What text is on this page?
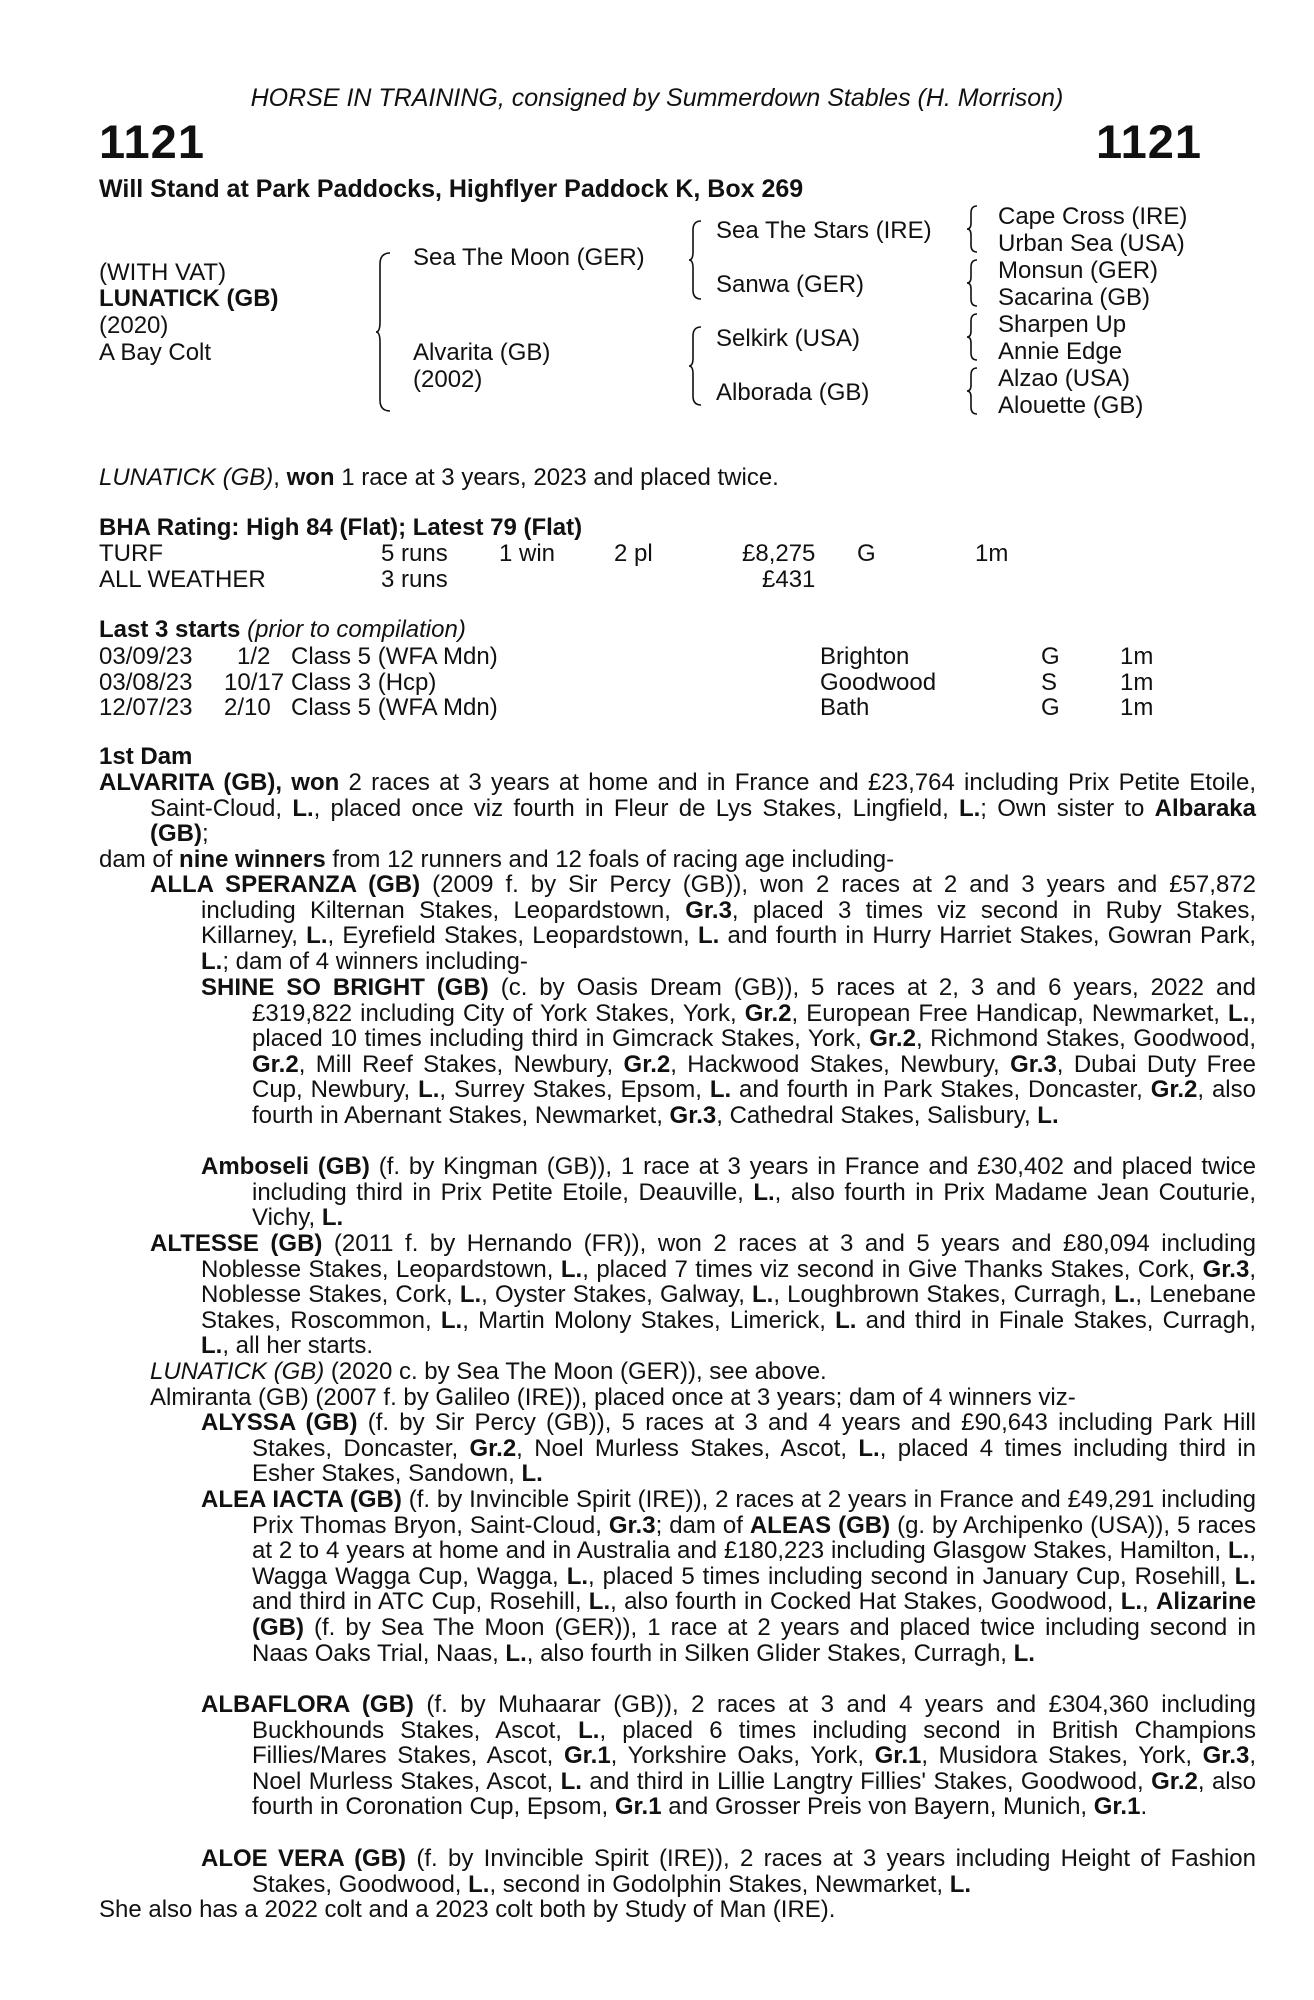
HORSE IN TRAINING, consigned by Summerdown Stables (H. Morrison)
1121	1121
Will Stand at Park Paddocks, Highflyer Paddock K, Box 269
(WITH VAT)
LUNATICK (GB)
(2020)
A Bay Colt
Sea The Moon (GER)
Alvarita (GB)
(2002)
Sea The Stars (IRE)
Sanwa (GER)
Selkirk (USA)
Alborada (GB)
Cape Cross (IRE)
Urban Sea (USA)
Monsun (GER)
Sacarina (GB)
Sharpen Up
Annie Edge
Alzao (USA)
Alouette (GB)
LUNATICK (GB), won 1 race at 3 years, 2023 and placed twice.
BHA Rating: High 84 (Flat); Latest 79 (Flat)
TURF	5 runs 1 win 2 pl	£8,275 G	1m
ALL WEATHER	3 runs	£431
Last 3 starts (prior to compilation)
03/09/23 1/2 Class 5 (WFA Mdn)	Brighton	G	1m
03/08/23 10/17 Class 3 (Hcp)	Goodwood	S	1m
12/07/23 2/10 Class 5 (WFA Mdn)	Bath	G	1m
1st Dam
ALVARITA (GB), won 2 races at 3 years at home and in France and £23,764 including Prix Petite Etoile, Saint-Cloud, L., placed once viz fourth in Fleur de Lys Stakes, Lingfield, L.; Own sister to Albaraka (GB);
dam of nine winners from 12 runners and 12 foals of racing age including-
ALLA SPERANZA (GB) (2009 f. by Sir Percy (GB)), won 2 races at 2 and 3 years and £57,872 including Kilternan Stakes, Leopardstown, Gr.3, placed 3 times viz second in Ruby Stakes, Killarney, L., Eyrefield Stakes, Leopardstown, L. and fourth in Hurry Harriet Stakes, Gowran Park, L.; dam of 4 winners including-
SHINE SO BRIGHT (GB) (c. by Oasis Dream (GB)), 5 races at 2, 3 and 6 years, 2022 and £319,822 including City of York Stakes, York, Gr.2, European Free Handicap, Newmarket, L., placed 10 times including third in Gimcrack Stakes, York, Gr.2, Richmond Stakes, Goodwood, Gr.2, Mill Reef Stakes, Newbury, Gr.2, Hackwood Stakes, Newbury, Gr.3, Dubai Duty Free Cup, Newbury, L., Surrey Stakes, Epsom, L. and fourth in Park Stakes, Doncaster, Gr.2, also fourth in Abernant Stakes, Newmarket, Gr.3, Cathedral Stakes, Salisbury, L.
Amboseli (GB) (f. by Kingman (GB)), 1 race at 3 years in France and £30,402 and placed twice including third in Prix Petite Etoile, Deauville, L., also fourth in Prix Madame Jean Couturie, Vichy, L.
ALTESSE (GB) (2011 f. by Hernando (FR)), won 2 races at 3 and 5 years and £80,094 including Noblesse Stakes, Leopardstown, L., placed 7 times viz second in Give Thanks Stakes, Cork, Gr.3, Noblesse Stakes, Cork, L., Oyster Stakes, Galway, L., Loughbrown Stakes, Curragh, L., Lenebane Stakes, Roscommon, L., Martin Molony Stakes, Limerick, L. and third in Finale Stakes, Curragh, L., all her starts.
LUNATICK (GB) (2020 c. by Sea The Moon (GER)), see above.
Almiranta (GB) (2007 f. by Galileo (IRE)), placed once at 3 years; dam of 4 winners viz-
ALYSSA (GB) (f. by Sir Percy (GB)), 5 races at 3 and 4 years and £90,643 including Park Hill Stakes, Doncaster, Gr.2, Noel Murless Stakes, Ascot, L., placed 4 times including third in Esher Stakes, Sandown, L.
ALEA IACTA (GB) (f. by Invincible Spirit (IRE)), 2 races at 2 years in France and £49,291 including Prix Thomas Bryon, Saint-Cloud, Gr.3; dam of ALEAS (GB) (g. by Archipenko (USA)), 5 races at 2 to 4 years at home and in Australia and £180,223 including Glasgow Stakes, Hamilton, L., Wagga Wagga Cup, Wagga, L., placed 5 times including second in January Cup, Rosehill, L. and third in ATC Cup, Rosehill, L., also fourth in Cocked Hat Stakes, Goodwood, L., Alizarine (GB) (f. by Sea The Moon (GER)), 1 race at 2 years and placed twice including second in Naas Oaks Trial, Naas, L., also fourth in Silken Glider Stakes, Curragh, L.
ALBAFLORA (GB) (f. by Muhaarar (GB)), 2 races at 3 and 4 years and £304,360 including Buckhounds Stakes, Ascot, L., placed 6 times including second in British Champions Fillies/Mares Stakes, Ascot, Gr.1, Yorkshire Oaks, York, Gr.1, Musidora Stakes, York, Gr.3, Noel Murless Stakes, Ascot, L. and third in Lillie Langtry Fillies' Stakes, Goodwood, Gr.2, also fourth in Coronation Cup, Epsom, Gr.1 and Grosser Preis von Bayern, Munich, Gr.1.
ALOE VERA (GB) (f. by Invincible Spirit (IRE)), 2 races at 3 years including Height of Fashion Stakes, Goodwood, L., second in Godolphin Stakes, Newmarket, L.
She also has a 2022 colt and a 2023 colt both by Study of Man (IRE).
